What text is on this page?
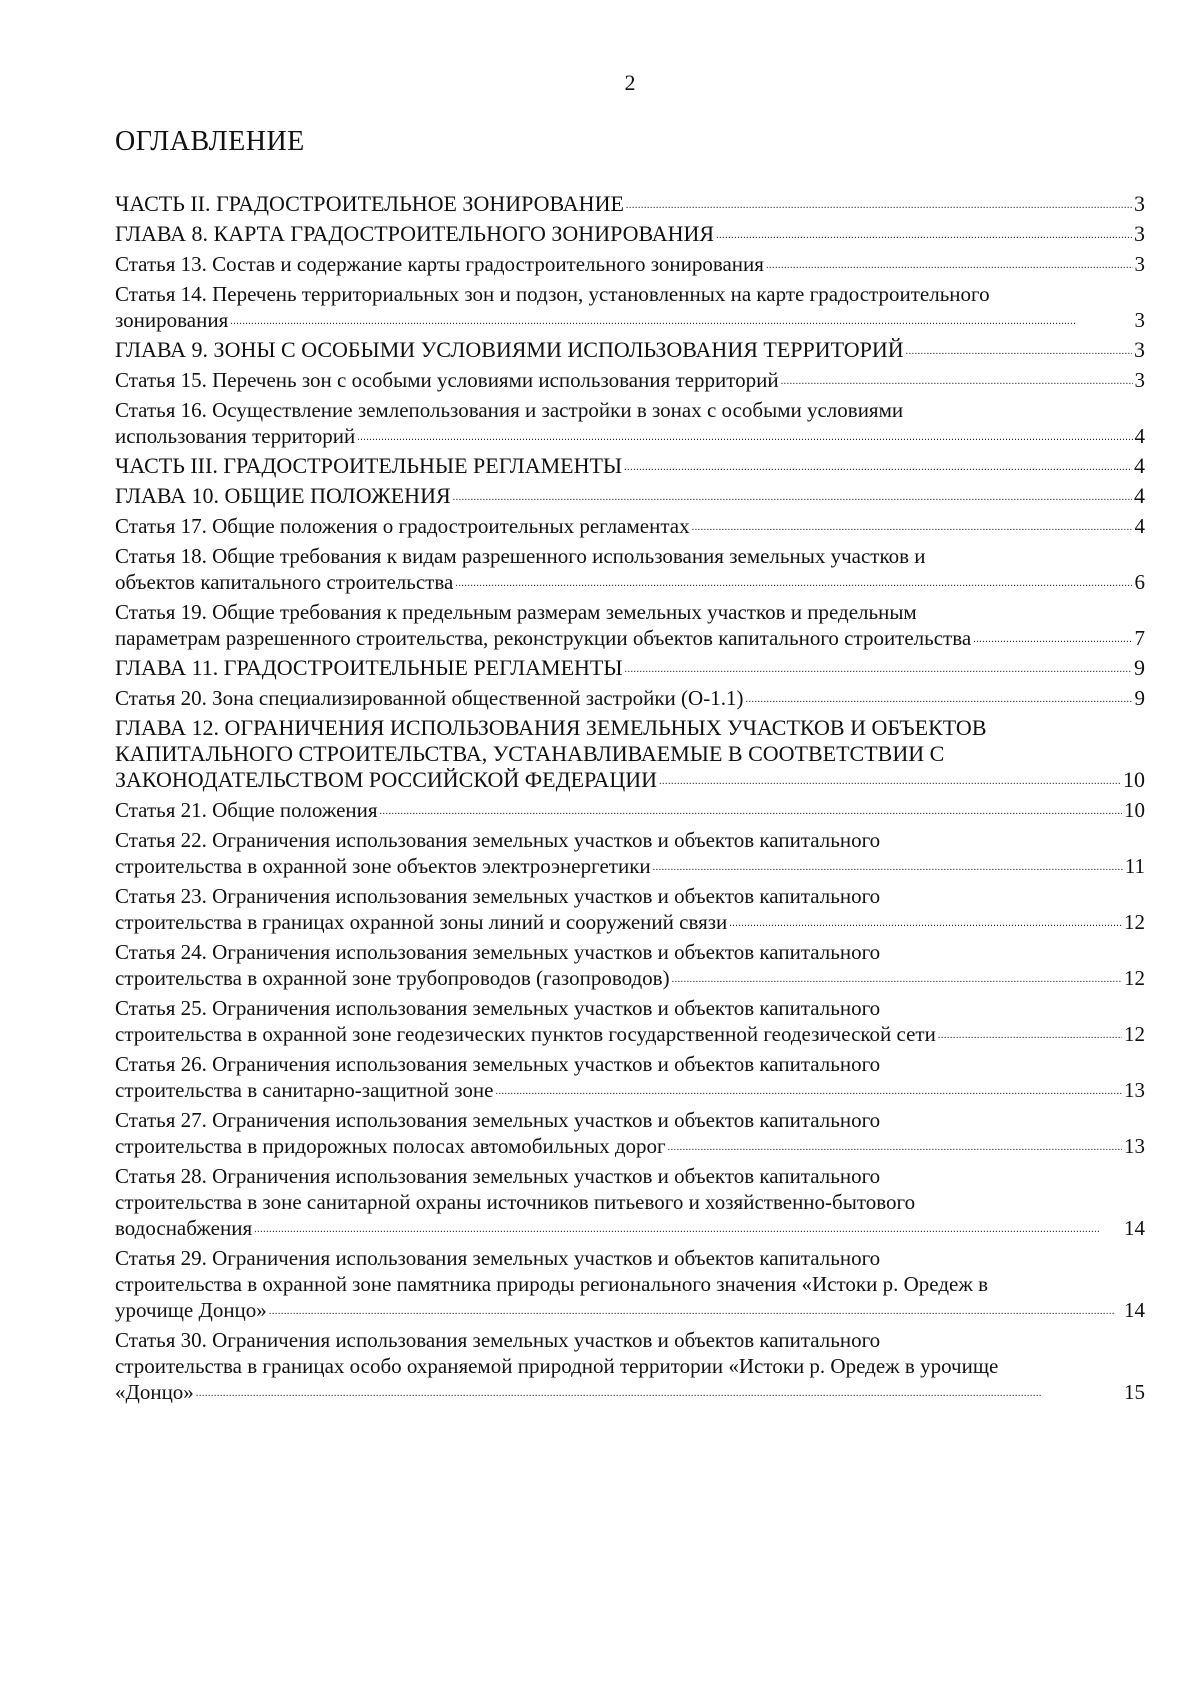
2
ОГЛАВЛЕНИЕ
ЧАСТЬ II. ГРАДОСТРОИТЕЛЬНОЕ ЗОНИРОВАНИЕ . . .	3
ГЛАВА 8. КАРТА ГРАДОСТРОИТЕЛЬНОГО ЗОНИРОВАНИЯ . . .	3
Статья 13. Состав и содержание карты градостроительного зонирования . . .	3
Статья 14. Перечень территориальных зон и подзон, установленных на карте градостроительного
зонирования . . .	3
ГЛАВА 9. ЗОНЫ С ОСОБЫМИ УСЛОВИЯМИ ИСПОЛЬЗОВАНИЯ ТЕРРИТОРИЙ . . .	3
Статья 15. Перечень зон с особыми условиями использования территорий . . .	3
Статья 16. Осуществление землепользования и застройки в зонах с особыми условиями
использования территорий . . .	4
ЧАСТЬ III. ГРАДОСТРОИТЕЛЬНЫЕ РЕГЛАМЕНТЫ . . .	4
ГЛАВА 10. ОБЩИЕ ПОЛОЖЕНИЯ . . .	4
Статья 17. Общие положения о градостроительных регламентах . . .	4
Статья 18. Общие требования к видам разрешенного использования земельных участков и
объектов капитального строительства . . .	6
Статья 19. Общие требования к предельным размерам земельных участков и предельным
параметрам разрешенного строительства, реконструкции объектов капитального строительства . . .	7
ГЛАВА 11. ГРАДОСТРОИТЕЛЬНЫЕ РЕГЛАМЕНТЫ . . .	9
Статья 20. Зона специализированной общественной застройки (О-1.1) . . .	9
ГЛАВА 12. ОГРАНИЧЕНИЯ ИСПОЛЬЗОВАНИЯ ЗЕМЕЛЬНЫХ УЧАСТКОВ И ОБЪЕКТОВ
КАПИТАЛЬНОГО СТРОИТЕЛЬСТВА, УСТАНАВЛИВАЕМЫЕ В СООТВЕТСТВИИ С
ЗАКОНОДАТЕЛЬСТВОМ РОССИЙСКОЙ ФЕДЕРАЦИИ . . .	10
Статья 21. Общие положения . . .	10
Статья 22. Ограничения использования земельных участков и объектов капитального
строительства в охранной зоне объектов электроэнергетики . . .	11
Статья 23. Ограничения использования земельных участков и объектов капитального
строительства в границах охранной зоны линий и сооружений связи . . .	12
Статья 24. Ограничения использования земельных участков и объектов капитального
строительства в охранной зоне трубопроводов (газопроводов) . . .	12
Статья 25. Ограничения использования земельных участков и объектов капитального
строительства в охранной зоне геодезических пунктов государственной геодезической сети . . .	12
Статья 26. Ограничения использования земельных участков и объектов капитального
строительства в санитарно-защитной зоне . . .	13
Статья 27. Ограничения использования земельных участков и объектов капитального
строительства в придорожных полосах автомобильных дорог . . .	13
Статья 28. Ограничения использования земельных участков и объектов капитального
строительства в зоне санитарной охраны источников питьевого и хозяйственно-бытового
водоснабжения . . .	14
Статья 29. Ограничения использования земельных участков и объектов капитального
строительства в охранной зоне памятника природы регионального значения «Истоки р. Оредеж в
урочище Донцо» . . .	14
Статья 30. Ограничения использования земельных участков и объектов капитального
строительства в границах особо охраняемой природной территории «Истоки р. Оредеж в урочище
«Донцо» . . .	15
